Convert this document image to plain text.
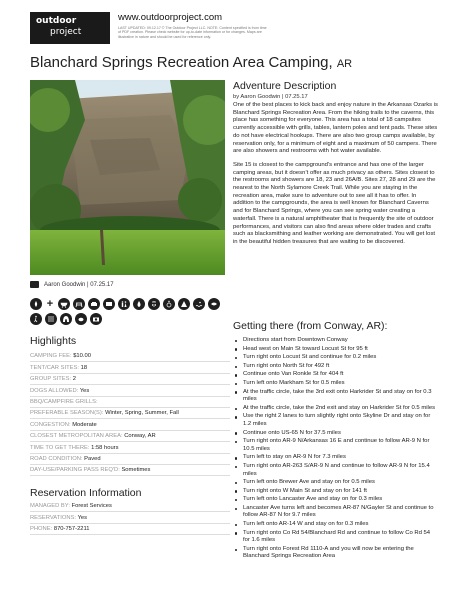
outdoor
project
www.outdoorproject.com
LAST UPDATED: 09.12.17 © The Outdoor Project LLC. NOTE: Content specified is from time of PDF creation. Please check website for up-to-date information or for changes. Maps are illustrative in nature and should be used for reference only.
Blanchard Springs Recreation Area Camping, AR
Aaron Goodwin | 07.25.17
+
Highlights
CAMPING FEE: $10.00
TENT/CAR SITES: 18
GROUP SITES: 2
DOGS ALLOWED: Yes
BBQ/CAMPFIRE GRILLS:
PREFERABLE SEASON(S): Winter, Spring, Summer, Fall
CONGESTION: Moderate
CLOSEST METROPOLITAN AREA: Conway, AR
TIME TO GET THERE: 1:58 hours
ROAD CONDITION: Paved
DAY-USE/PARKING PASS REQ'D: Sometimes
Reservation Information
MANAGED BY: Forest Services
RESERVATIONS: Yes
PHONE: 870-757-2211
Adventure Description
by Aaron Goodwin | 07.25.17

One of the best places to kick back and enjoy nature in the Arkansas Ozarks is Blanchard Springs Recreation Area. From the hiking trails to the caverns, this place has something for everyone. This area has a total of 18 campsites currently accessible with grills, tables, lantern poles and tent pads. These sites do not have electrical hookups. There are also two group camps available, by reservation only, for a minimum of eight and a maximum of 50 campers. There are also showers and restrooms with hot water available.

Site 15 is closest to the campground’s entrance and has one of the larger camping areas, but it doesn’t offer as much privacy as others. Sites closest to the restrooms and showers are 18, 23 and 26A/B. Sites 27, 28 and 29 are the nearest to the North Sylamore Creek Trail. While you are staying in the recreation area, make sure to adventure out to see all it has to offer. In addition to the campgrounds, the area is well known for Blanchard Caverns and for Blanchard Springs, where you can see spring water creating a waterfall. There is a natural amphitheater that is frequently the site of outdoor performances, and visitors can also find areas where older trades and crafts such as blacksmithing and leather working are demonstrated. You will get lost in the beautiful hidden treasures that are waiting to be discovered.

Getting there (from Conway, AR):
Directions start from Downtown Conway
Head west on Main St toward Locust St for 95 ft
Turn right onto Locust St and continue for 0.2 miles
Turn right onto North St for 492 ft
Continue onto Van Ronkle St for 404 ft
Turn left onto Markham St for 0.5 miles
At the traffic circle, take the 3rd exit onto Harkrider St and stay on for 0.3 miles
At the traffic circle, take the 2nd exit and stay on Harkrider St for 0.5 miles
Use the right 2 lanes to turn slightly right onto Skyline Dr and stay on for 1.2 miles
Continue onto US-65 N for 37.5 miles
Turn right onto AR-9 N/Arkansas 16 E and continue to follow AR-9 N for 10.5 miles
Turn left to stay on AR-9 N for 7.3 miles
Turn right onto AR-263 S/AR-9 N and continue to follow AR-9 N for 15.4 miles
Turn left onto Brewer Ave and stay on for 0.5 miles
Turn right onto W Main St and stay on for 141 ft
Turn left onto Lancaster Ave and stay on for 0.3 miles
Lancaster Ave turns left and becomes AR-87 N/Gayler St and continue to follow AR-87 N for 9.7 miles
Turn left onto AR-14 W and stay on for 0.3 miles
Turn right onto Co Rd 54/Blanchard Rd and continue to follow Co Rd 54 for 1.6 miles
Turn right onto Forest Rd 1110-A and you will now be entering the Blanchard Springs Recreation Area
